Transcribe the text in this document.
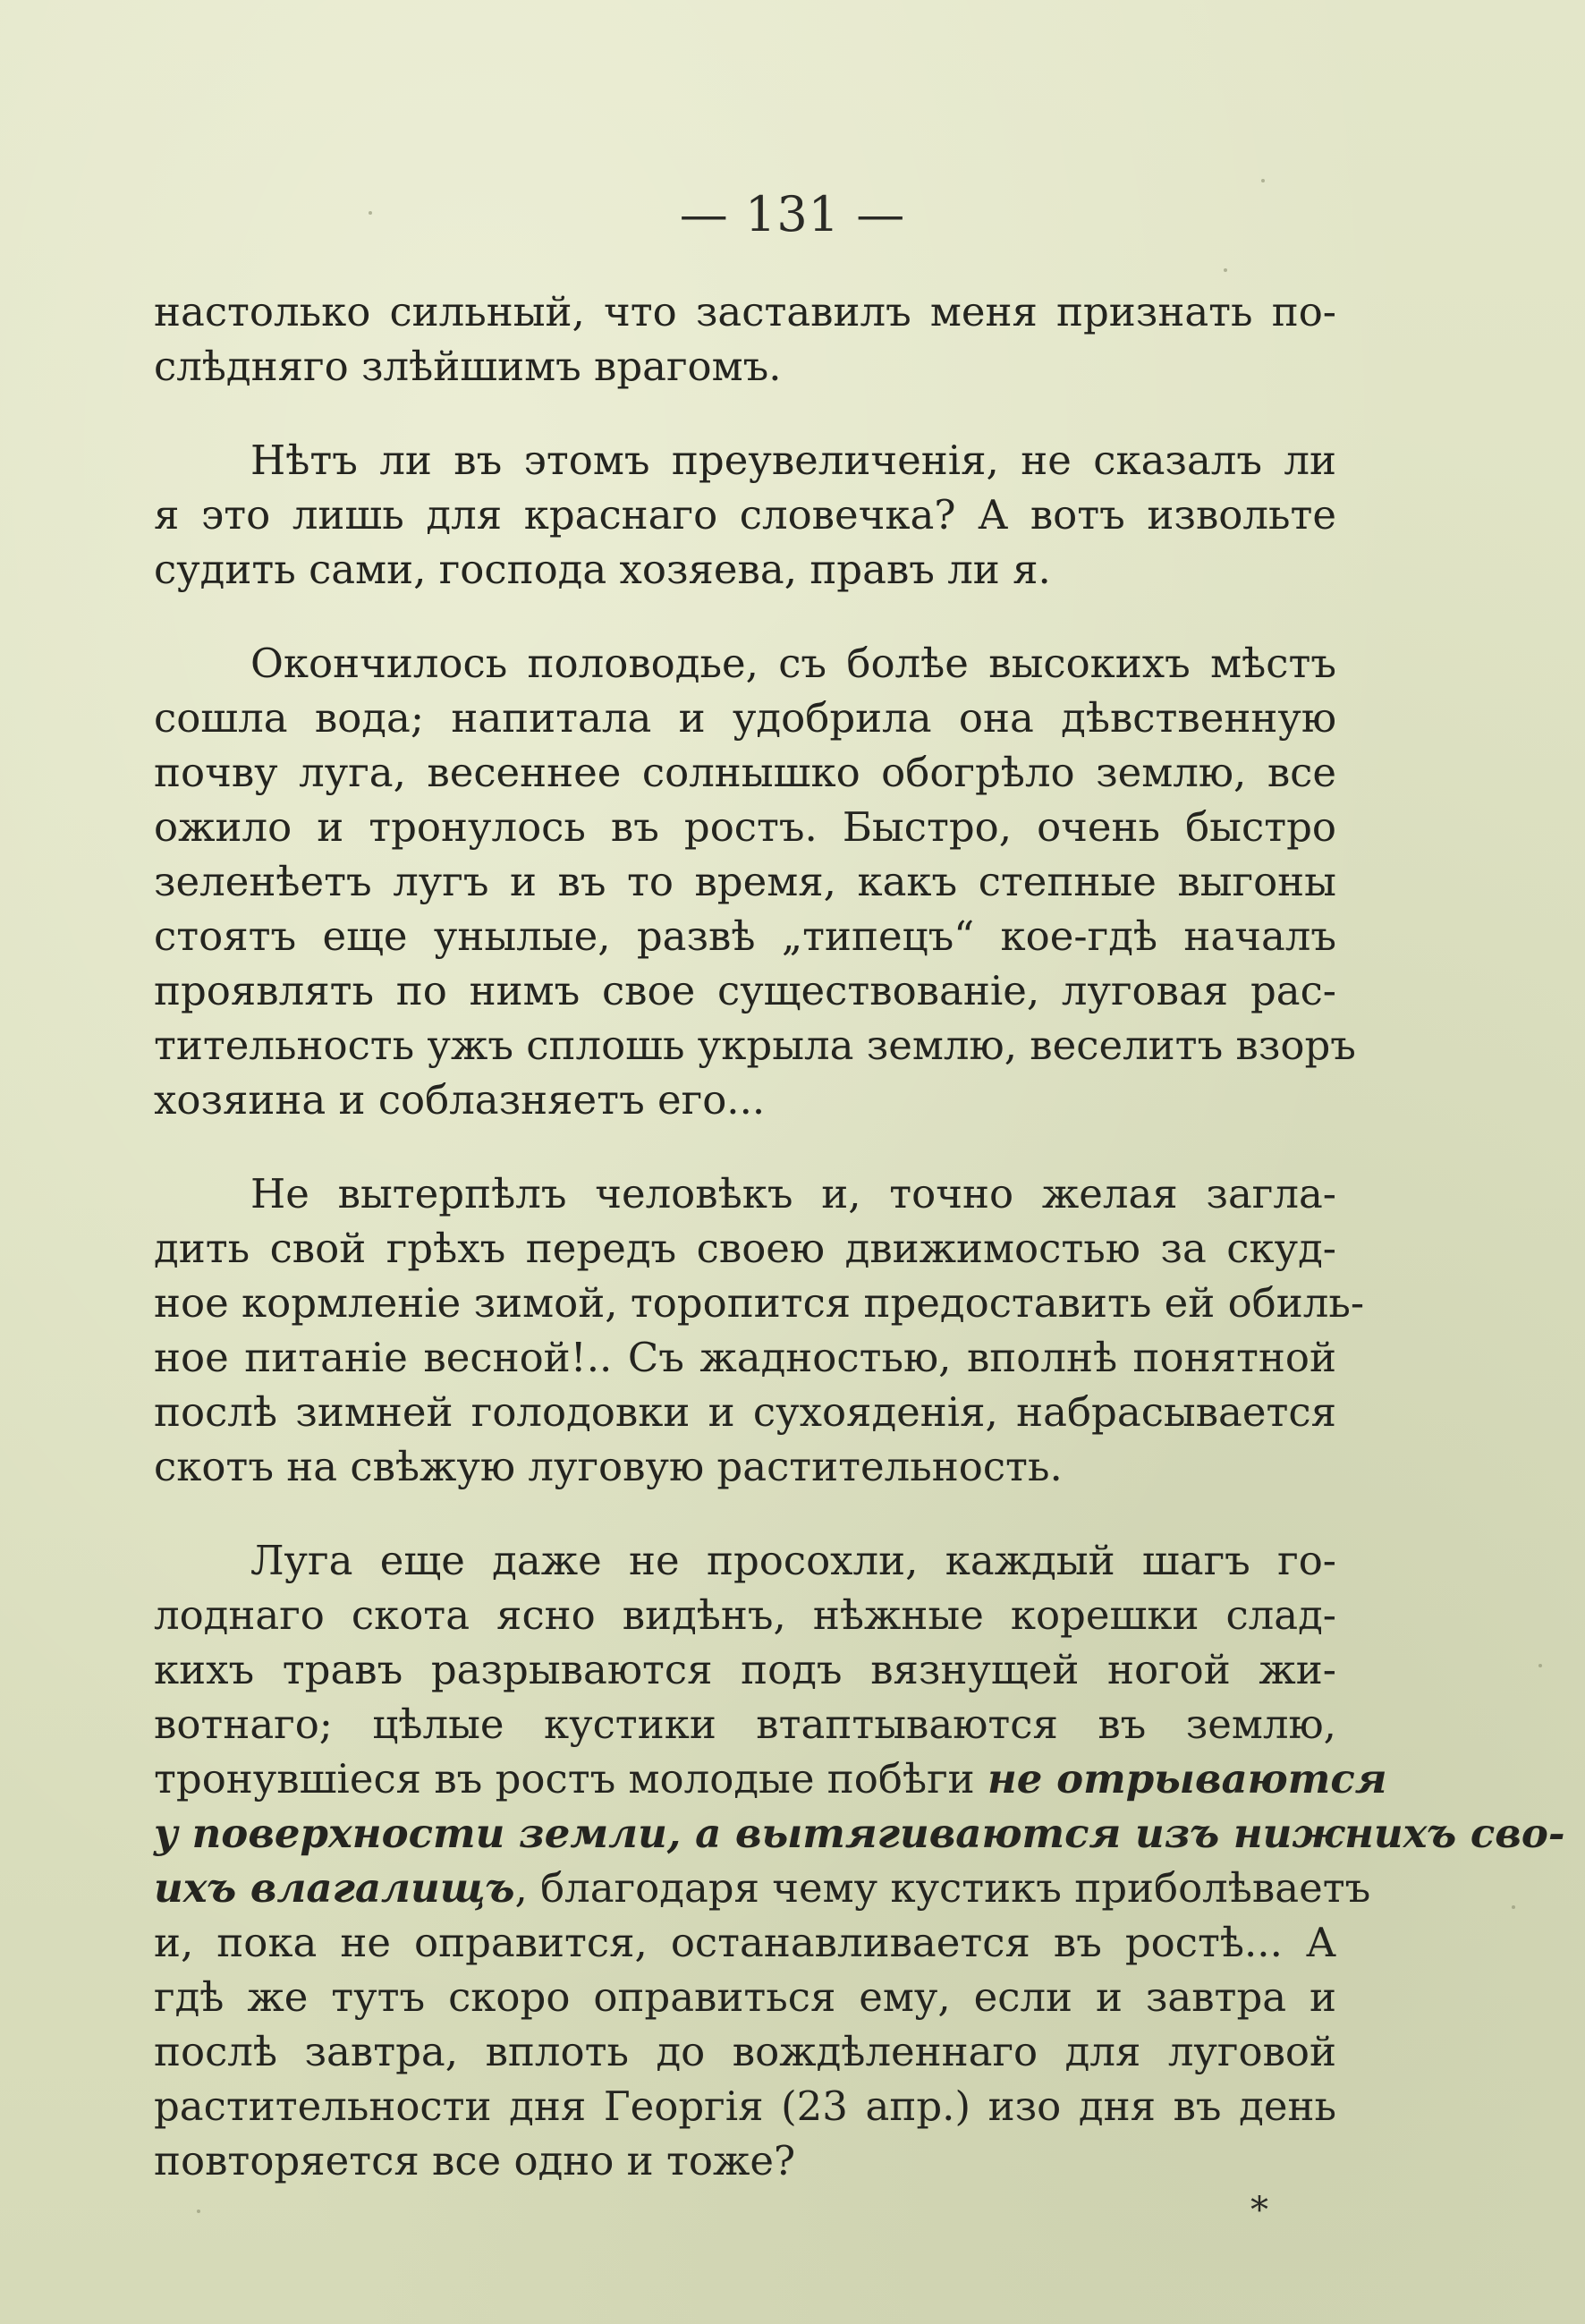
— 131 —
настолько сильный, что заставилъ меня признать по-
слѣдняго злѣйшимъ врагомъ.
Нѣтъ ли въ этомъ преувеличенія, не сказалъ ли
я это лишь для краснаго словечка? А вотъ извольте
судить сами, господа хозяева, правъ ли я.
Окончилось половодье, съ болѣе высокихъ мѣстъ
сошла вода; напитала и удобрила она дѣвственную
почву луга, весеннее солнышко обогрѣло землю, все
ожило и тронулось въ ростъ. Быстро, очень быстро
зеленѣетъ лугъ и въ то время, какъ степные выгоны
стоятъ еще унылые, развѣ „типецъ“ кое-гдѣ началъ
проявлять по нимъ свое существованіе, луговая рас-
тительность ужъ сплошь укрыла землю, веселитъ взоръ
хозяина и соблазняетъ его...
Не вытерпѣлъ человѣкъ и, точно желая загла-
дить свой грѣхъ передъ своею движимостью за скуд-
ное кормленіе зимой, торопится предоставить ей обиль-
ное питаніе весной!.. Съ жадностью, вполнѣ понятной
послѣ зимней голодовки и сухояденія, набрасывается
скотъ на свѣжую луговую растительность.
Луга еще даже не просохли, каждый шагъ го-
лоднаго скота ясно видѣнъ, нѣжные корешки слад-
кихъ травъ разрываются подъ вязнущей ногой жи-
вотнаго; цѣлые кустики втаптываются въ землю,
тронувшіеся въ ростъ молодые побѣги не отрываются
у поверхности земли, а вытягиваются изъ нижнихъ сво-
ихъ влагалищъ, благодаря чему кустикъ приболѣваетъ
и, пока не оправится, останавливается въ ростѣ... А
гдѣ же тутъ скоро оправиться ему, если и завтра и
послѣ завтра, вплоть до вождѣленнаго для луговой
растительности дня Георгія (23 апр.) изо дня въ день
повторяется все одно и тоже?
*
